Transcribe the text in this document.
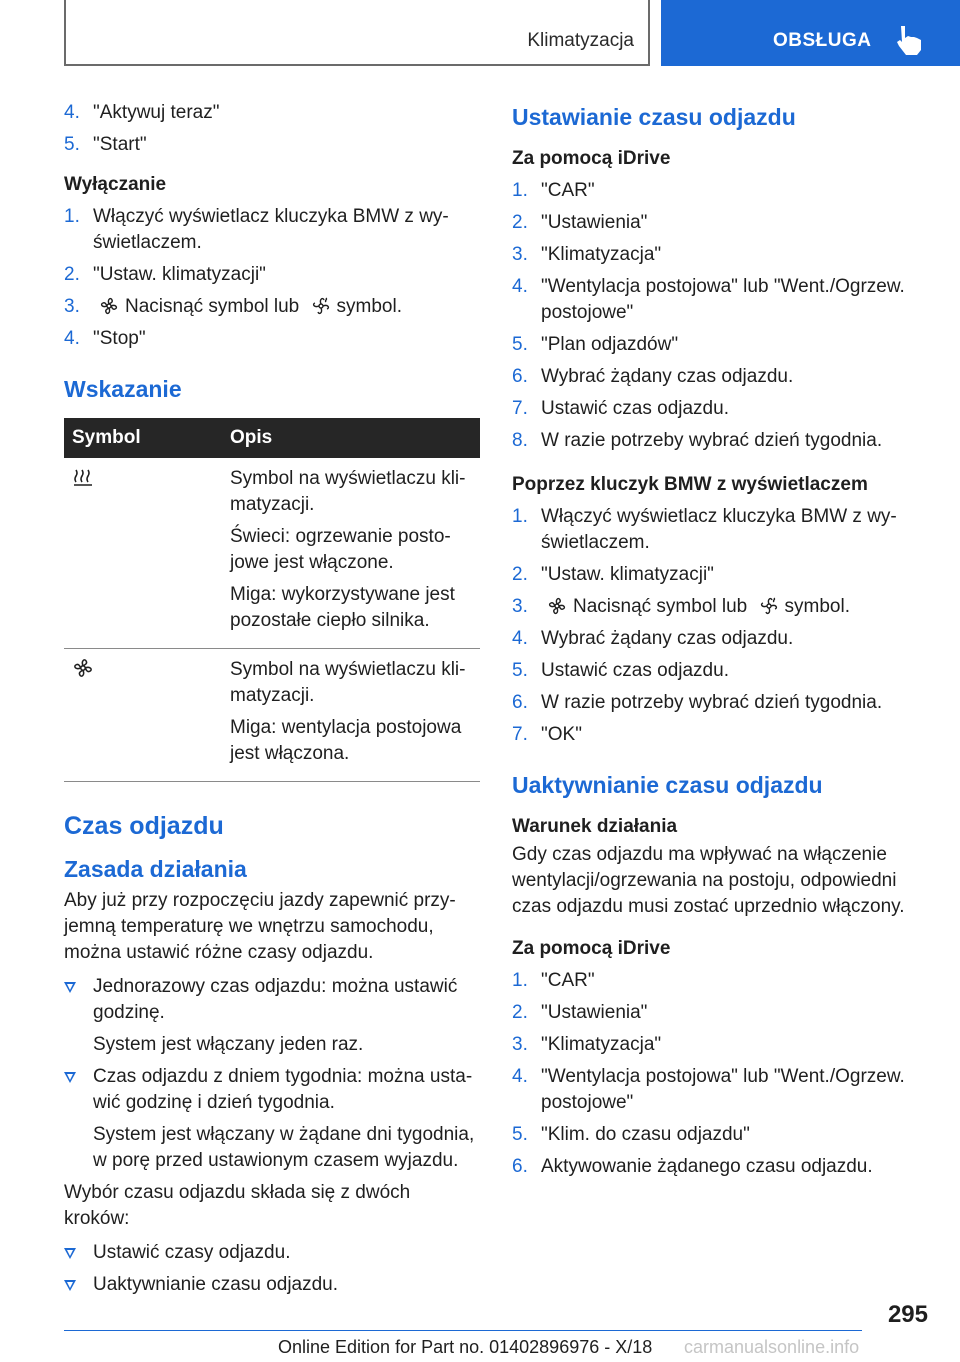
Klimatyzacja	OBSŁUGA
4. "Aktywuj teraz"
5. "Start"
Wyłączanie
1. Włączyć wyświetlacz kluczyka BMW z wy-świetlaczem.
2. "Ustaw. klimatyzacji"
3. Nacisnąć symbol lub symbol.
4. "Stop"
Wskazanie
Symbol	Opis

Symbol na wyświetlaczu kli-matyzacji.

Świeci: ogrzewanie posto-jowe jest włączone.

Miga: wykorzystywane jest pozostałe ciepło silnika.

Symbol na wyświetlaczu kli-matyzacji.

Miga: wentylacja postojowa jest włączona.

Czas odjazdu
Zasada działania

Aby już przy rozpoczęciu jazdy zapewnić przy-jemną temperaturę we wnętrzu samochodu, można ustawić różne czasy odjazdu.

Jednorazowy czas odjazdu: można ustawić godzinę.
System jest włączany jeden raz.
Czas odjazdu z dniem tygodnia: można usta-wić godzinę i dzień tygodnia.
System jest włączany w żądane dni tygodnia, w porę przed ustawionym czasem wyjazdu.

Wybór czasu odjazdu składa się z dwóch kroków:

Ustawić czasy odjazdu.
Uaktywnianie czasu odjazdu.
Ustawianie czasu odjazdu
Za pomocą iDrive
1. "CAR"
2. "Ustawienia"
3. "Klimatyzacja"
4. "Wentylacja postojowa" lub "Went./Ogrzew. postojowe"
5. "Plan odjazdów"
6. Wybrać żądany czas odjazdu.
7. Ustawić czas odjazdu.
8. W razie potrzeby wybrać dzień tygodnia.
Poprzez kluczyk BMW z wyświetlaczem
1. Włączyć wyświetlacz kluczyka BMW z wy-świetlaczem.
2. "Ustaw. klimatyzacji"
3. Nacisnąć symbol lub symbol.
4. Wybrać żądany czas odjazdu.
5. Ustawić czas odjazdu.
6. W razie potrzeby wybrać dzień tygodnia.
7. "OK"
Uaktywnianie czasu odjazdu
Warunek działania

Gdy czas odjazdu ma wpływać na włączenie wentylacji/ogrzewania na postoju, odpowiedni czas odjazdu musi zostać uprzednio włączony.

Za pomocą iDrive
1. "CAR"
2. "Ustawienia"
3. "Klimatyzacja"
4. "Wentylacja postojowa" lub "Went./Ogrzew. postojowe"
5. "Klim. do czasu odjazdu"
6. Aktywowanie żądanego czasu odjazdu.
295
Online Edition for Part no. 01402896976 - X/18 carmanualsonline.info
